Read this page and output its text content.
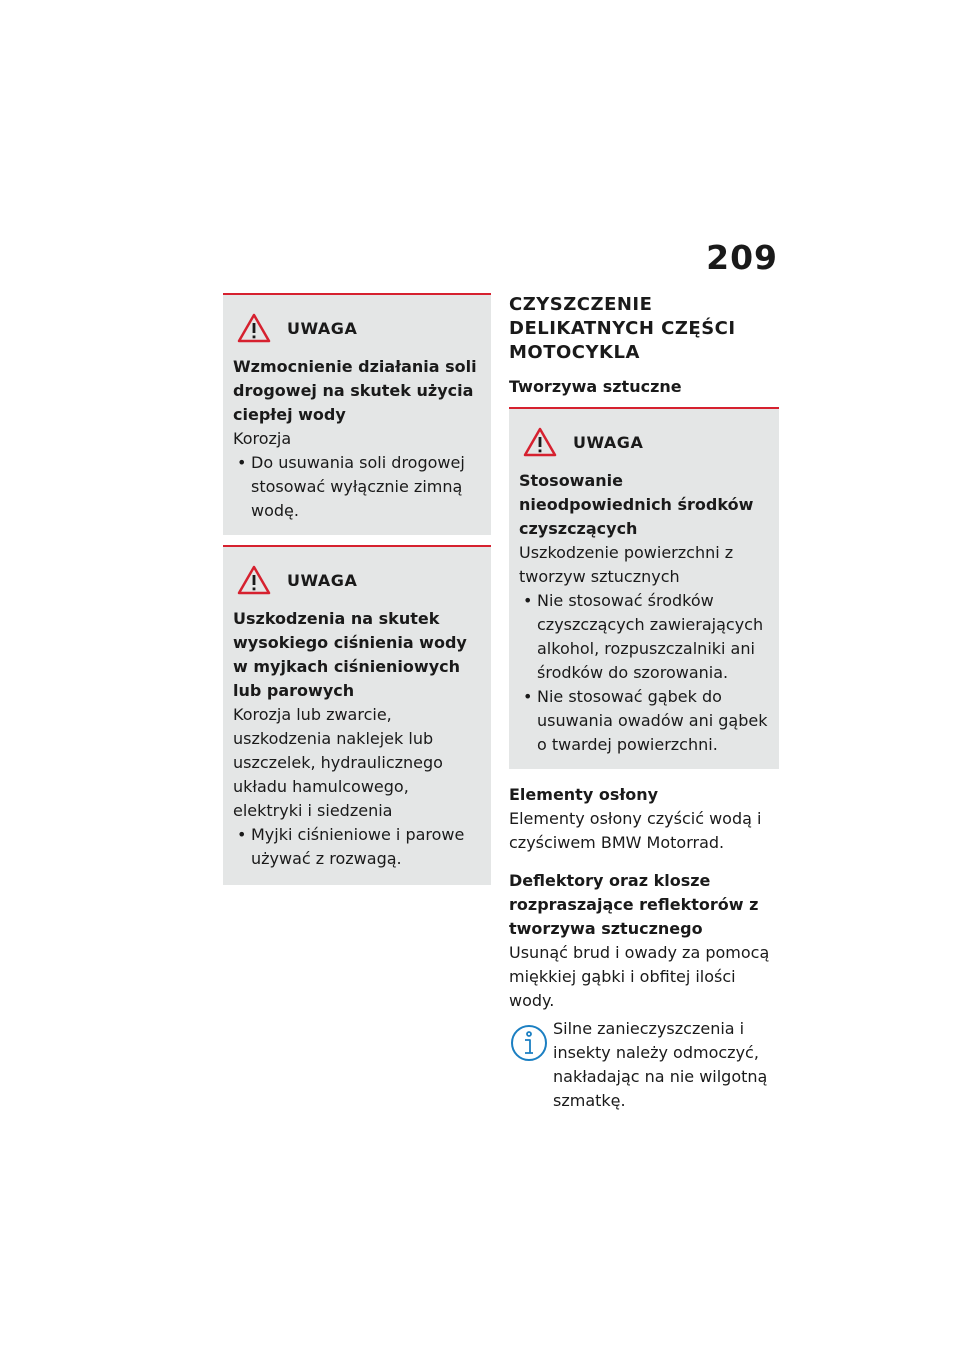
209
UWAGA
Wzmocnienie działania soli drogowej na skutek użycia ciepłej wody
Korozja
• Do usuwania soli drogowej stosować wyłącznie zimną wodę.
UWAGA
Uszkodzenia na skutek wysokiego ciśnienia wody w myjkach ciśnieniowych lub parowych
Korozja lub zwarcie, uszkodzenia naklejek lub uszczelek, hydraulicznego układu hamulcowego, elektryki i siedzenia
• Myjki ciśnieniowe i parowe używać z rozwagą.
CZYSZCZENIE DELIKATNYCH CZĘŚCI MOTOCYKLA
Tworzywa sztuczne
UWAGA
Stosowanie nieodpowiednich środków czyszczących
Uszkodzenie powierzchni z tworzyw sztucznych
• Nie stosować środków czyszczących zawierających alkohol, rozpuszczalniki ani środków do szorowania.
• Nie stosować gąbek do usuwania owadów ani gąbek o twardej powierzchni.
Elementy osłony
Elementy osłony czyścić wodą i czyściwem BMW Motorrad.
Deflektory oraz klosze rozpraszające reflektorów z tworzywa sztucznego
Usunąć brud i owady za pomocą miękkiej gąbki i obfitej ilości wody.
Silne zanieczyszczenia i insekty należy odmoczyć, nakładając na nie wilgotną szmatkę.
